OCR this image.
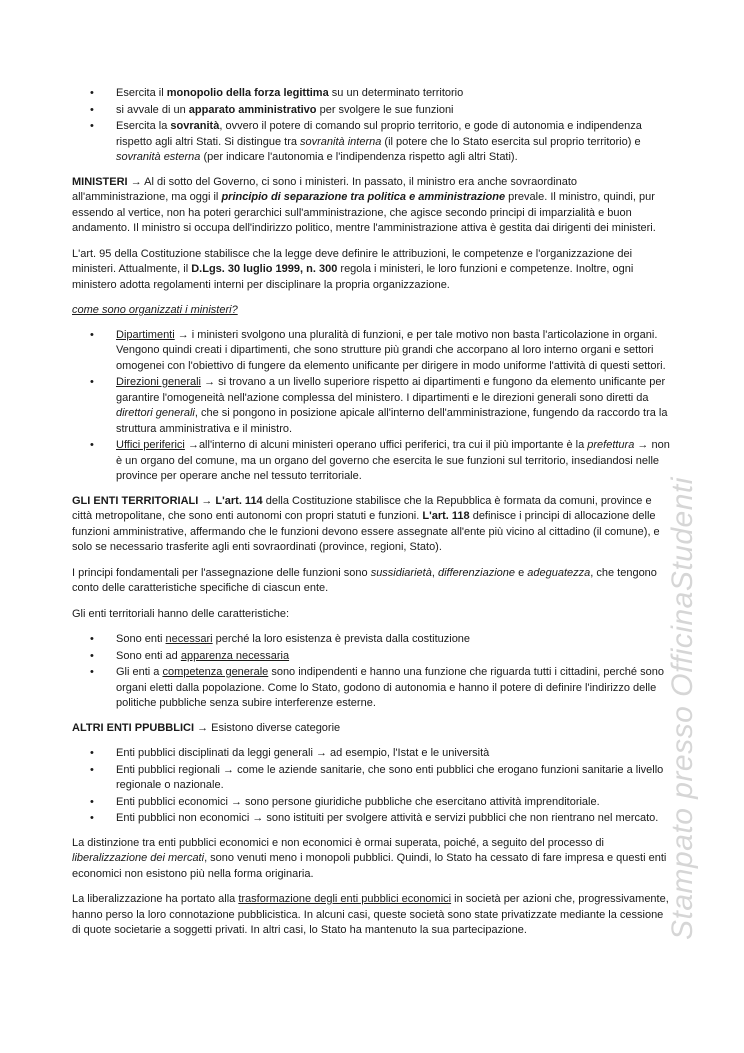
Stampato presso OfficinaStudenti
• Esercita il monopolio della forza legittima su un determinato territorio
• si avvale di un apparato amministrativo per svolgere le sue funzioni
• Esercita la sovranità, ovvero il potere di comando sul proprio territorio, e gode di autonomia e indipendenza rispetto agli altri Stati. Si distingue tra sovranità interna (il potere che lo Stato esercita sul proprio territorio) e sovranità esterna (per indicare l'autonomia e l'indipendenza rispetto agli altri Stati).

MINISTERI → Al di sotto del Governo, ci sono i ministeri. In passato, il ministro era anche sovraordinato all'amministrazione, ma oggi il principio di separazione tra politica e amministrazione prevale. Il ministro, quindi, pur essendo al vertice, non ha poteri gerarchici sull'amministrazione, che agisce secondo principi di imparzialità e buon andamento. Il ministro si occupa dell'indirizzo politico, mentre l'amministrazione attiva è gestita dai dirigenti dei ministeri.

L'art. 95 della Costituzione stabilisce che la legge deve definire le attribuzioni, le competenze e l'organizzazione dei ministeri. Attualmente, il D.Lgs. 30 luglio 1999, n. 300 regola i ministeri, le loro funzioni e competenze. Inoltre, ogni ministero adotta regolamenti interni per disciplinare la propria organizzazione.

come sono organizzati i ministeri?

• Dipartimenti → i ministeri svolgono una pluralità di funzioni, e per tale motivo non basta l'articolazione in organi. Vengono quindi creati i dipartimenti, che sono strutture più grandi che accorpano al loro interno organi e settori omogenei con l'obiettivo di fungere da elemento unificante per dirigere in modo uniforme l'attività di questi settori.
• Direzioni generali → si trovano a un livello superiore rispetto ai dipartimenti e fungono da elemento unificante per garantire l'omogeneità nell'azione complessa del ministero. I dipartimenti e le direzioni generali sono diretti da direttori generali, che si pongono in posizione apicale all'interno dell'amministrazione, fungendo da raccordo tra la struttura amministrativa e il ministro.
• Uffici periferici →all'interno di alcuni ministeri operano uffici periferici, tra cui il più importante è la prefettura → non è un organo del comune, ma un organo del governo che esercita le sue funzioni sul territorio, insediandosi nelle province per operare anche nel tessuto territoriale.

GLI ENTI TERRITORIALI → L'art. 114 della Costituzione stabilisce che la Repubblica è formata da comuni, province e città metropolitane, che sono enti autonomi con propri statuti e funzioni. L'art. 118 definisce i principi di allocazione delle funzioni amministrative, affermando che le funzioni devono essere assegnate all'ente più vicino al cittadino (il comune), e solo se necessario trasferite agli enti sovraordinati (province, regioni, Stato).

I principi fondamentali per l'assegnazione delle funzioni sono sussidiarietà, differenziazione e adeguatezza, che tengono conto delle caratteristiche specifiche di ciascun ente.

Gli enti territoriali hanno delle caratteristiche:

• Sono enti necessari perché la loro esistenza è prevista dalla costituzione
• Sono enti ad apparenza necessaria
• Gli enti a competenza generale sono indipendenti e hanno una funzione che riguarda tutti i cittadini, perché sono organi eletti dalla popolazione. Come lo Stato, godono di autonomia e hanno il potere di definire l'indirizzo delle politiche pubbliche senza subire interferenze esterne.

ALTRI ENTI PPUBBLICI → Esistono diverse categorie

• Enti pubblici disciplinati da leggi generali → ad esempio, l'Istat e le università
• Enti pubblici regionali → come le aziende sanitarie, che sono enti pubblici che erogano funzioni sanitarie a livello regionale o nazionale.
• Enti pubblici economici → sono persone giuridiche pubbliche che esercitano attività imprenditoriale.
• Enti pubblici non economici → sono istituiti per svolgere attività e servizi pubblici che non rientrano nel mercato.

La distinzione tra enti pubblici economici e non economici è ormai superata, poiché, a seguito del processo di liberalizzazione dei mercati, sono venuti meno i monopoli pubblici. Quindi, lo Stato ha cessato di fare impresa e questi enti economici non esistono più nella forma originaria.

La liberalizzazione ha portato alla trasformazione degli enti pubblici economici in società per azioni che, progressivamente, hanno perso la loro connotazione pubblicistica. In alcuni casi, queste società sono state privatizzate mediante la cessione di quote societarie a soggetti privati. In altri casi, lo Stato ha mantenuto la sua partecipazione.
